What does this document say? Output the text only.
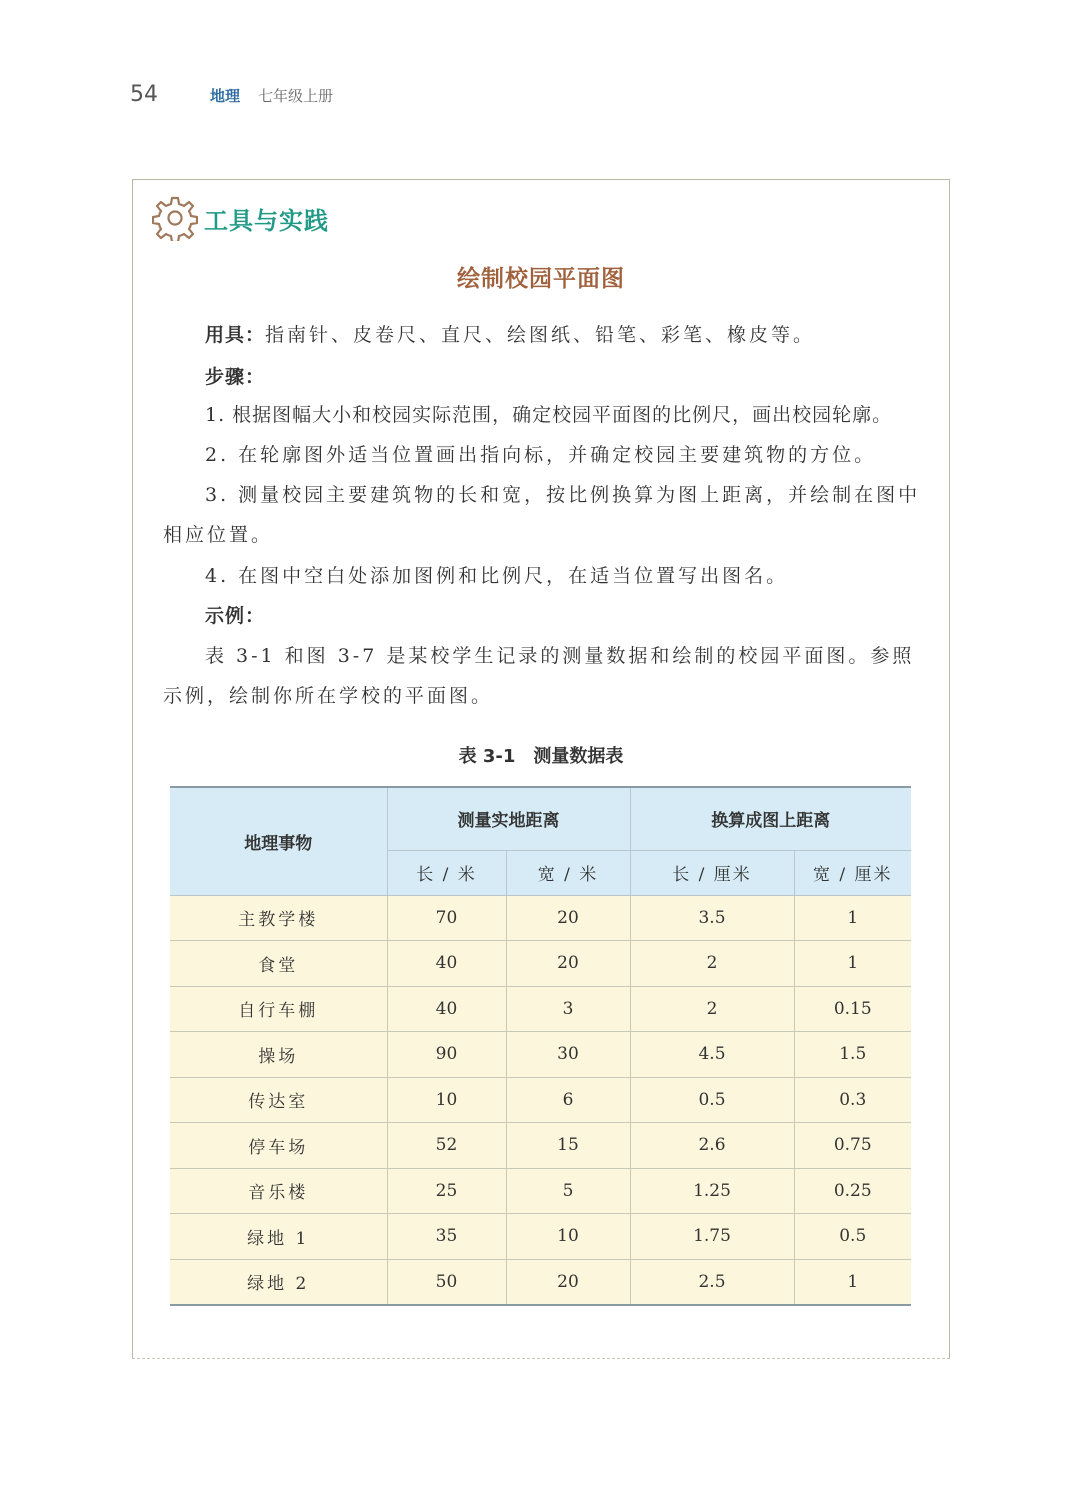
54	地理 七年级上册
工具与实践
绘制校园平面图
用具：指南针、皮卷尺、直尺、绘图纸、铅笔、彩笔、橡皮等。
步骤：
1. 根据图幅大小和校园实际范围，确定校园平面图的比例尺，画出校园轮廓。
2. 在轮廓图外适当位置画出指向标，并确定校园主要建筑物的方位。
3. 测量校园主要建筑物的长和宽，按比例换算为图上距离，并绘制在图中相应位置。
4. 在图中空白处添加图例和比例尺，在适当位置写出图名。
示例：
表 3-1 和图 3-7 是某校学生记录的测量数据和绘制的校园平面图。参照示例，绘制你所在学校的平面图。
表 3-1　测量数据表
地理事物	测量实地距离		换算成图上距离	
	长 / 米	宽 / 米	长 / 厘米	宽 / 厘米
主教学楼	70	20	3.5	1
食堂	40	20	2	1
自行车棚	40	3	2	0.15
操场	90	30	4.5	1.5
传达室	10	6	0.5	0.3
停车场	52	15	2.6	0.75
音乐楼	25	5	1.25	0.25
绿地 1	35	10	1.75	0.5
绿地 2	50	20	2.5	1
